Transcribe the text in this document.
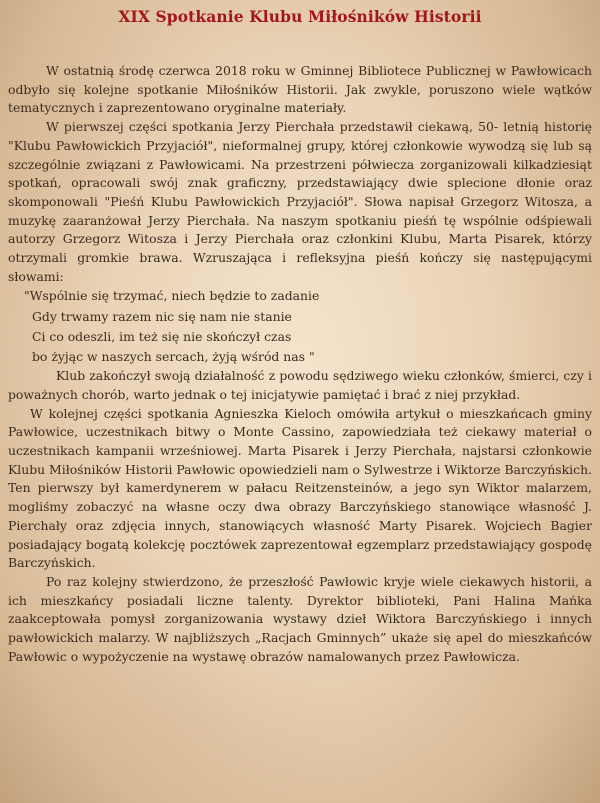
XIX Spotkanie Klubu Miłośników Historii

W ostatnią środę czerwca 2018 roku w Gminnej Bibliotece Publicznej w Pawłowicach odbyło się kolejne spotkanie Miłośników Historii. Jak zwykle, poruszono wiele wątków tematycznych i zaprezentowano oryginalne materiały.

W pierwszej części spotkania Jerzy Pierchała przedstawił ciekawą, 50- letnią historię "Klubu Pawłowickich Przyjaciół", nieformalnej grupy, której członkowie wywodzą się lub są szczególnie związani z Pawłowicami. Na przestrzeni półwiecza zorganizowali kilkadziesiąt spotkań, opracowali swój znak graficzny, przedstawiający dwie splecione dłonie oraz skomponowali "Pieśń Klubu Pawłowickich Przyjaciół". Słowa napisał Grzegorz Witosza, a muzykę zaaranżował Jerzy Pierchała. Na naszym spotkaniu pieśń tę wspólnie odśpiewali autorzy Grzegorz Witosza i Jerzy Pierchała oraz członkini Klubu, Marta Pisarek, którzy otrzymali gromkie brawa. Wzruszająca i refleksyjna pieśń kończy się następującymi słowami:

"Wspólnie się trzymać, niech będzie to zadanie
Gdy trwamy razem nic się nam nie stanie
Ci co odeszli, im też się nie skończył czas
bo żyjąc w naszych sercach, żyją wśród nas "

Klub zakończył swoją działalność z powodu sędziwego wieku członków, śmierci, czy i poważnych chorób, warto jednak o tej inicjatywie pamiętać i brać z niej przykład.

W kolejnej części spotkania Agnieszka Kieloch omówiła artykuł o mieszkańcach gminy Pawłowice, uczestnikach bitwy o Monte Cassino, zapowiedziała też ciekawy materiał o uczestnikach kampanii wrześniowej. Marta Pisarek i Jerzy Pierchała, najstarsi członkowie Klubu Miłośników Historii Pawłowic opowiedzieli nam o Sylwestrze i Wiktorze Barczyńskich. Ten pierwszy był kamerdynerem w pałacu Reitzensteinów, a jego syn Wiktor malarzem, mogliśmy zobaczyć na własne oczy dwa obrazy Barczyńskiego stanowiące własność J. Pierchały oraz zdjęcia innych, stanowiących własność Marty Pisarek. Wojciech Bagier posiadający bogatą kolekcję pocztówek zaprezentował egzemplarz przedstawiający gospodę Barczyńskich.

Po raz kolejny stwierdzono, że przeszłość Pawłowic kryje wiele ciekawych historii, a ich mieszkańcy posiadali liczne talenty. Dyrektor biblioteki, Pani Halina Mańka zaakceptowała pomysł zorganizowania wystawy dzieł Wiktora Barczyńskiego i innych pawłowickich malarzy. W najbliższych „Racjach Gminnych” ukaże się apel do mieszkańców Pawłowic o wypożyczenie na wystawę obrazów namalowanych przez Pawłowicza.
